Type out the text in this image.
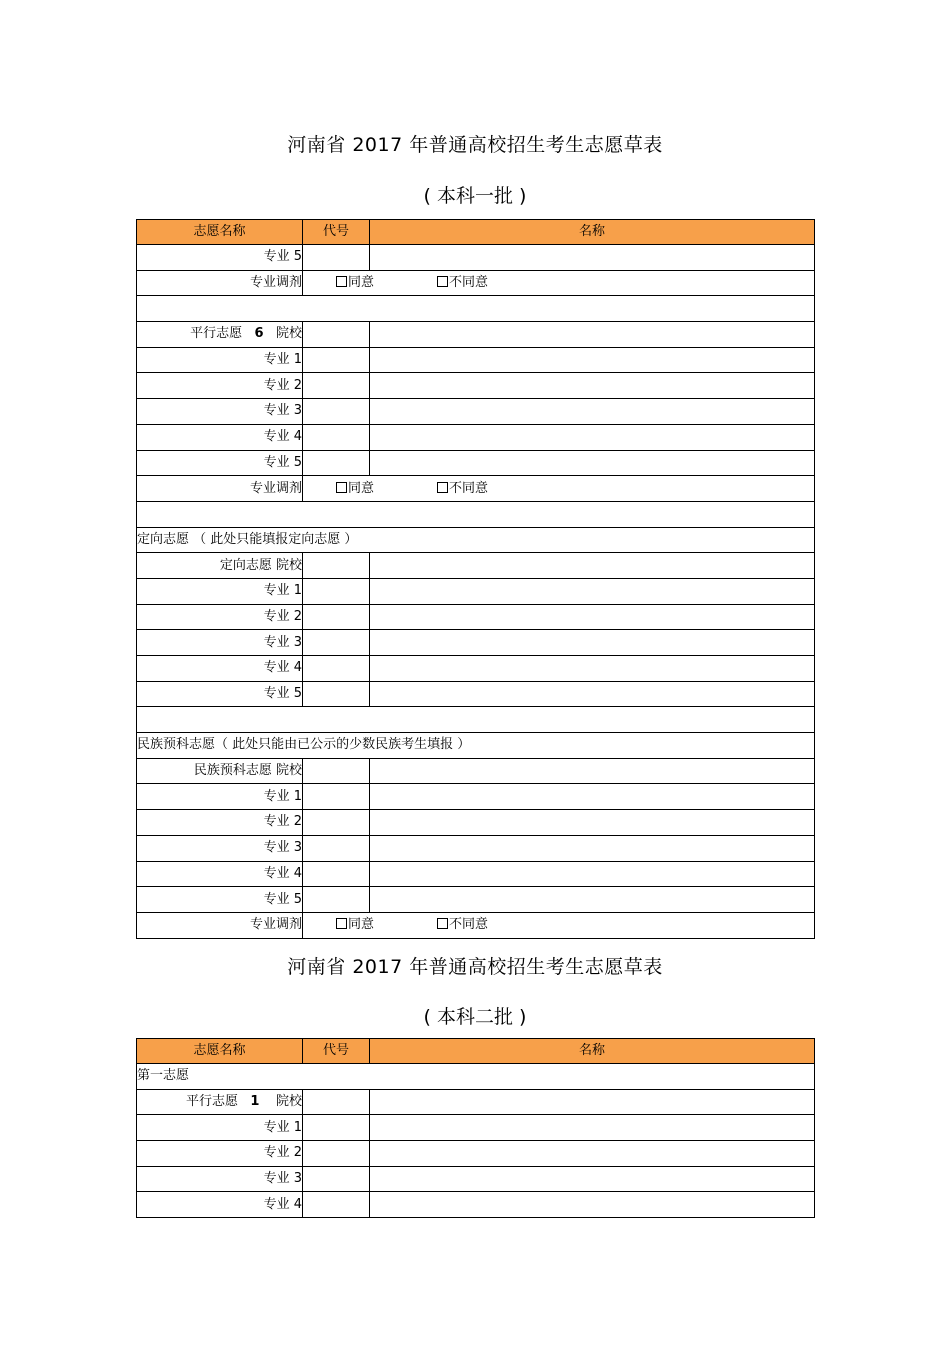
河南省 2017 年普通高校招生考生志愿草表
( 本科一批 )
志愿名称	代号	名称
专业 5		
专业调剂	同意 不同意	

平行志愿 6 院校		
专业 1		
专业 2		
专业 3		
专业 4		
专业 5		
专业调剂	同意 不同意	

定向志愿 （ 此处只能填报定向志愿 ）		
定向志愿 院校		
专业 1		
专业 2		
专业 3		
专业 4		
专业 5		

民族预科志愿（ 此处只能由已公示的少数民族考生填报 ）		
民族预科志愿 院校		
专业 1		
专业 2		
专业 3		
专业 4		
专业 5		
专业调剂	同意 不同意	
河南省 2017 年普通高校招生考生志愿草表
( 本科二批 )
志愿名称	代号	名称
第一志愿		
平行志愿 1 院校		
专业 1		
专业 2		
专业 3		
专业 4		
